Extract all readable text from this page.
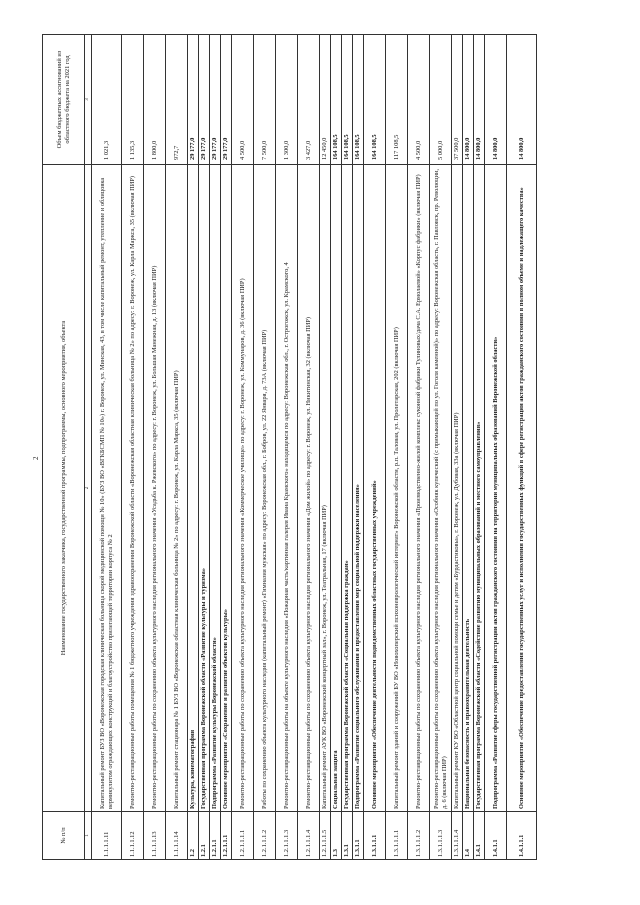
2
№ п/п	Наименование государственного заказчика, государственной программы, подпрограммы, основного мероприятия, объекта	Объем бюджетных ассигнований из областного бюджета на 2021 год
1	2	3
1.1.1.1.11	Капитальный ремонт БУЗ ВО «Воронежская городская клиническая больница скорой медицинской помощи № 10» (БУЗ ВО «ВГКБСМП № 10») г. Воронеж, ул. Минская, 43, в том числе капитальный ремонт, утепление и облицовка вермикулитом ограждающих конструкций и благоустройство прилегающей территории корпуса № 2	1 021,3
1.1.1.1.12	Ремонтно-реставрационные работы помещения № 1 бюджетного учреждения здравоохранения Воронежской области «Воронежская областная клиническая больница № 2» по адресу: г. Воронеж, ул. Карла Маркса, 35 (включая ПИР)	1 135,3
1.1.1.1.13	Ремонтно-реставрационные работы по сохранению объекта культурного наследия регионального значения «Усадьба к. Ржевского» по адресу: г. Воронеж, ул. Большая Манежная, д. 13 (включая ПИР)	1 800,0
1.1.1.1.14	Капитальный ремонт стационара № 1 БУЗ ВО «Воронежская областная клиническая больница № 2» по адресу: г. Воронеж, ул. Карла Маркса, 35 (включая ПИР)	972,7
1.2	Культура, кинематография	29 177,0
1.2.1	Государственная программа Воронежской области «Развитие культуры и туризма»	29 177,0
1.2.1.1	Подпрограмма «Развитие культуры Воронежской области»	29 177,0
1.2.1.1.1	Основное мероприятие «Сохранение и развитие объектов культуры»	29 177,0
1.2.1.1.1.1	Ремонтно-реставрационные работы по сохранению объекта культурного наследия регионального значения «Коммерческое училище» по адресу: г. Воронеж, ул. Коммунаров, д. 36 (включая ПИР)	4 500,0
1.2.1.1.1.2	Работы по сохранению объекта культурного наследия (капитальный ремонт) «Гимназия мужская» по адресу: Воронежская обл., г. Бобров, ул. 22 Января, д. 73А (включая ПИР)	7 500,0
1.2.1.1.1.3	Ремонтно-реставрационные работы на объекте культурного наследия «Пожарная часть/картинная галерея Ивана Крамского» находящемся по адресу: Воронежская обл., г. Острогожск, ул. Крамского, 4	1 300,0
1.2.1.1.1.4	Ремонтно-реставрационные работы по сохранению объекта культурного наследия регионального значения «Дом жилой» по адресу: г. Воронеж, ул. Никитинская, 32 (включая ПИР)	3 427,0
1.2.1.1.1.5	Капитальный ремонт АУК ВО «Воронежский концертный зал», г. Воронеж, ул. Театральная, 17 (включая ПИР)	12 450,0
1.3	Социальная защита	164 108,5
1.3.1	Государственная программа Воронежской области «Социальная поддержка граждан»	164 108,5
1.3.1.1	Подпрограмма «Развитие социального обслуживания и предоставления мер социальной поддержки населения»	164 108,5
1.3.1.1.1	Основное мероприятие «Обеспечение деятельности подведомственных областных государственных учреждений»	164 108,5
1.3.1.1.1.1	Капитальный ремонт зданий и сооружений БУ ВО «Новохоперский психоневрологический интернат» Воронежской области, р.п. Таловая, ул. Пролетарская, 202 (включая ПИР)	117 108,5
1.3.1.1.1.2	Ремонтно-реставрационные работы по сохранению объекта культурного наследия регионального значения «Производственно-жилой комплекс суконной фабрики Тулиновых/дача С.А. Ермолаевой» «Корпус фабрики» (включая ПИР)	4 500,0
1.3.1.1.1.3	Ремонтно-реставрационные работы по сохранению объекта культурного наследия регионального значения «Особняк купеческий (с примыкающей по ул. Гоголя каменной)» по адресу: Воронежская область, г. Павловск, пр. Революции, д. 6 (включая ПИР)	5 000,0
1.3.1.1.1.4	Капитальный ремонт КУ ВО «Областной центр социальной помощи семье и детям «Бурдастиковы», г. Воронеж, ул. Дубовая, 33а (включая ПИР)	37 500,0
1.4	Национальная безопасность и правоохранительная деятельность	14 800,0
1.4.1	Государственная программа Воронежской области «Содействие развитию муниципальных образований и местного самоуправления»	14 800,0
1.4.1.1	Подпрограмма «Развитие сферы государственной регистрации актов гражданского состояния на территории муниципальных образований Воронежской области»	14 800,0
1.4.1.1.1	Основное мероприятие «Обеспечение предоставления государственных услуг и исполнения государственных функций в сфере регистрации актов гражданского состояния в полном объеме и надлежащего качества»	14 800,0
